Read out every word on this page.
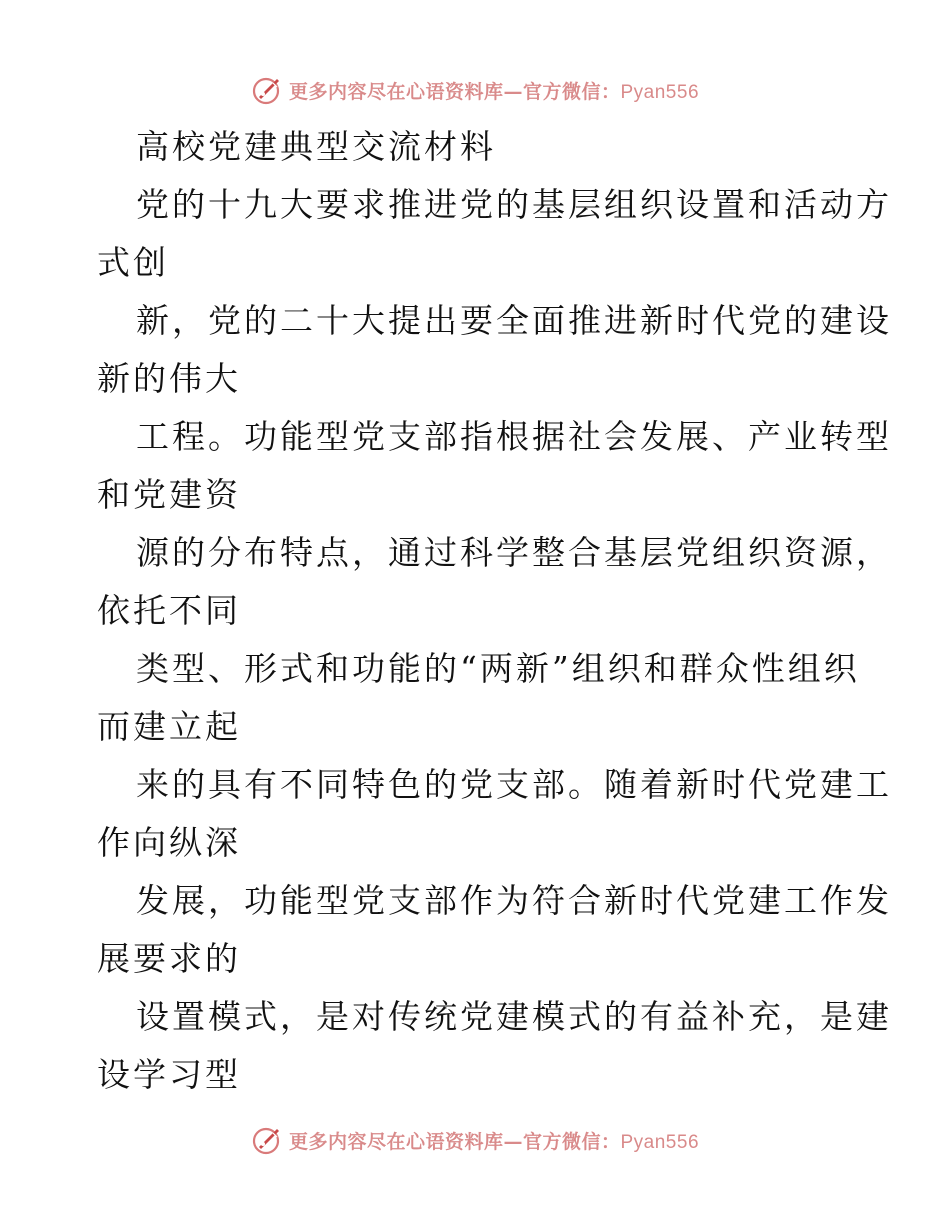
更多内容尽在心语资料库—官方微信：Pyan556
高校党建典型交流材料
党的十九大要求推进党的基层组织设置和活动方
式创
新，党的二十大提出要全面推进新时代党的建设
新的伟大
工程。功能型党支部指根据社会发展、产业转型
和党建资
源的分布特点，通过科学整合基层党组织资源，
依托不同
类型、形式和功能的“两新”组织和群众性组织
而建立起
来的具有不同特色的党支部。随着新时代党建工
作向纵深
发展，功能型党支部作为符合新时代党建工作发
展要求的
设置模式，是对传统党建模式的有益补充，是建
设学习型
更多内容尽在心语资料库—官方微信：Pyan556
